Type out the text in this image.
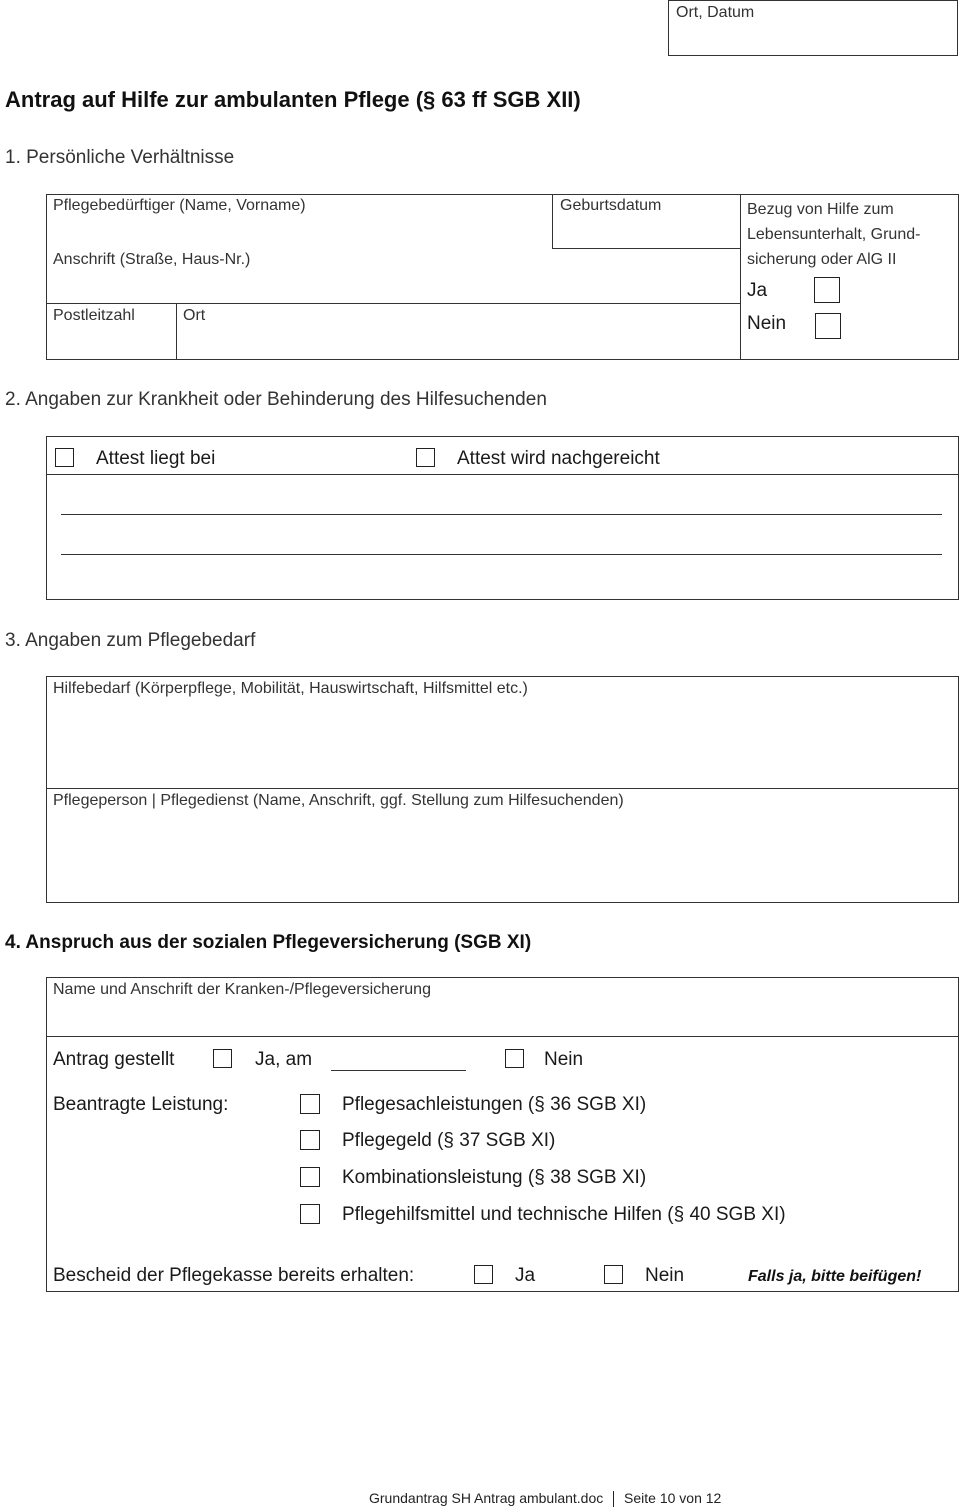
Ort, Datum
Antrag auf Hilfe zur ambulanten Pflege (§ 63 ff SGB XII)
1. Persönliche Verhältnisse
Pflegebedürftiger (Name, Vorname)	Geburtsdatum
Anschrift (Straße, Haus-Nr.)
Postleitzahl	Ort
Bezug von Hilfe zum
Lebensunterhalt, Grund-
sicherung oder AlG II
Ja
Nein
2. Angaben zur Krankheit oder Behinderung des Hilfesuchenden
Attest liegt bei	Attest wird nachgereicht
3. Angaben zum Pflegebedarf
Hilfebedarf (Körperpflege, Mobilität, Hauswirtschaft, Hilfsmittel etc.)
Pflegeperson | Pflegedienst (Name, Anschrift, ggf. Stellung zum Hilfesuchenden)
4. Anspruch aus der sozialen Pflegeversicherung (SGB XI)
Name und Anschrift der Kranken-/Pflegeversicherung
Antrag gestellt	Ja, am	Nein
Beantragte Leistung:	Pflegesachleistungen (§ 36 SGB XI)
Pflegegeld (§ 37 SGB XI)
Kombinationsleistung (§ 38 SGB XI)
Pflegehilfsmittel und technische Hilfen (§ 40 SGB XI)
Bescheid der Pflegekasse bereits erhalten:	Ja	Nein	Falls ja, bitte beifügen!
Grundantrag SH Antrag ambulant.doc Seite 10 von 12
